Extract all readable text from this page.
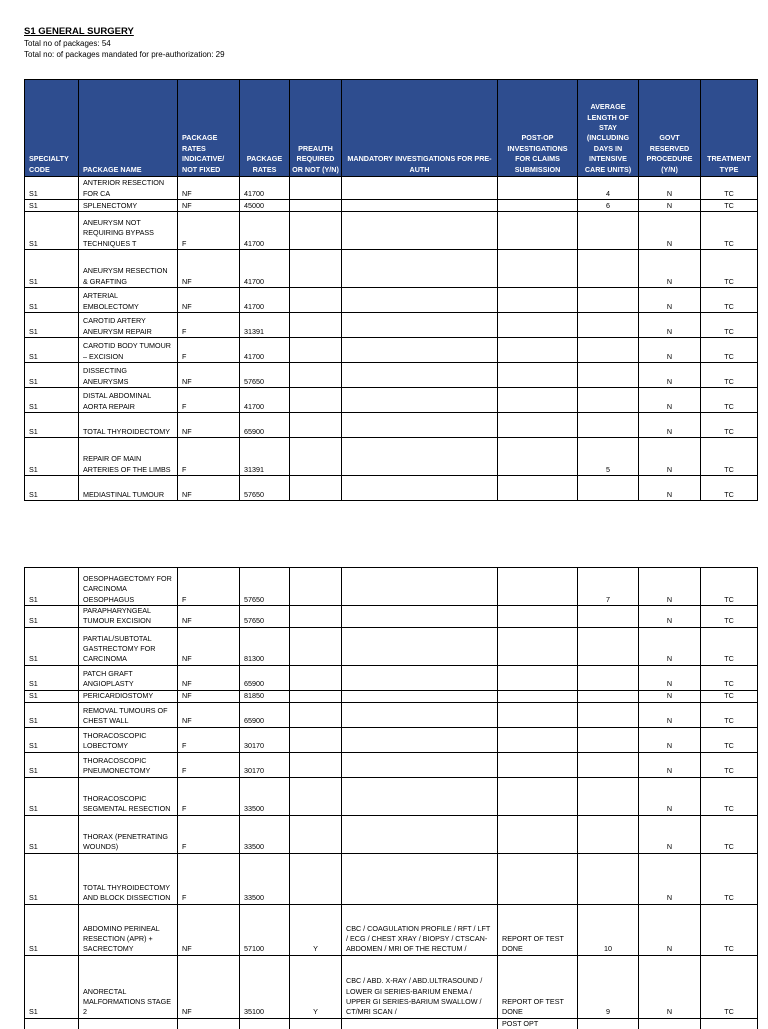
S1 GENERAL SURGERY
Total no of packages: 54
Total no: of packages mandated for pre-authorization: 29
SPECIALTY CODE	PACKAGE NAME	PACKAGE RATES INDICATIVE/ NOT FIXED	PACKAGE RATES	PREAUTH REQUIRED OR NOT (Y/N)	MANDATORY INVESTIGATIONS FOR PRE-AUTH	POST-OP INVESTIGATIONS FOR CLAIMS SUBMISSION	AVERAGE LENGTH OF STAY (INCLUDING DAYS IN INTENSIVE CARE UNITS)	GOVT RESERVED PROCEDURE (Y/N)	TREATMENT TYPE
S1	ANTERIOR RESECTION FOR CA	NF	41700				4	N	TC
S1	SPLENECTOMY	NF	45000				6	N	TC
S1	ANEURYSM NOT REQUIRING BYPASS TECHNIQUES T	F	41700					N	TC
S1	ANEURYSM RESECTION & GRAFTING	NF	41700					N	TC
S1	ARTERIAL EMBOLECTOMY	NF	41700					N	TC
S1	CAROTID ARTERY ANEURYSM REPAIR	F	31391					N	TC
S1	CAROTID BODY TUMOUR – EXCISION	F	41700					N	TC
S1	DISSECTING ANEURYSMS	NF	57650					N	TC
S1	DISTAL ABDOMINAL AORTA REPAIR	F	41700					N	TC
S1	TOTAL THYROIDECTOMY	NF	65900					N	TC
S1	REPAIR OF MAIN ARTERIES OF THE LIMBS	F	31391				5	N	TC
S1	MEDIASTINAL TUMOUR	NF	57650					N	TC
S1	OESOPHAGECTOMY FOR CARCINOMA OESOPHAGUS	F	57650				7	N	TC
S1	PARAPHARYNGEAL TUMOUR EXCISION	NF	57650					N	TC
S1	PARTIAL/SUBTOTAL GASTRECTOMY FOR CARCINOMA	NF	81300					N	TC
S1	PATCH GRAFT ANGIOPLASTY	NF	65900					N	TC
S1	PERICARDIOSTOMY	NF	81850					N	TC
S1	REMOVAL TUMOURS OF CHEST WALL	NF	65900					N	TC
S1	THORACOSCOPIC LOBECTOMY	F	30170					N	TC
S1	THORACOSCOPIC PNEUMONECTOMY	F	30170					N	TC
S1	THORACOSCOPIC SEGMENTAL RESECTION	F	33500					N	TC
S1	THORAX (PENETRATING WOUNDS)	F	33500					N	TC
S1	TOTAL THYROIDECTOMY AND BLOCK DISSECTION	F	33500					N	TC
S1	ABDOMINO PERINEAL RESECTION (APR) + SACRECTOMY	NF	57100	Y	CBC / COAGULATION PROFILE / RFT / LFT / ECG / CHEST XRAY / BIOPSY / CTSCAN-ABDOMEN / MRI OF THE RECTUM /	REPORT OF TEST DONE	10	N	TC
S1	ANORECTAL MALFORMATIONS STAGE 2	NF	35100	Y	CBC / ABD. X-RAY / ABD.ULTRASOUND / LOWER GI SERIES-BARIUM ENEMA / UPPER GI SERIES-BARIUM SWALLOW / CT/MRI SCAN /	REPORT OF TEST DONE	9	N	TC
						POST OPT			
